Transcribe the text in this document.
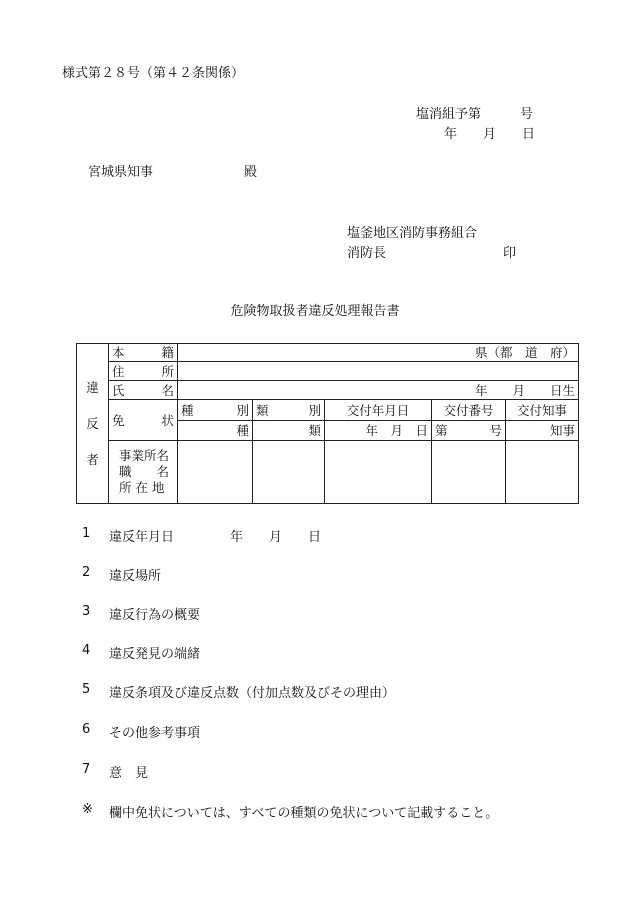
様式第２８号（第４２条関係）
塩消組予第　　　号
年　　月　　日
宮城県知事　　　　　　　殿
塩釜地区消防事務組合
消防長　　　　　　　　　印
危険物取扱者違反処理報告書
違
反
者	本籍	県（都　道　府）				
	住所					
	氏名	年　　月　　日生				
	免状	種別	類別	交付年月日	交付番号	交付知事
		種	類	年　月　日	第　　号	知事

	事業所名
職　　名
所 在 地					

1	違反年月日	年　　月　　日
2	違反場所
3	違反行為の概要
4	違反発見の端緒
5	違反条項及び違反点数（付加点数及びその理由）
6	その他参考事項
7	意　見
※ 欄中免状については、すべての種類の免状について記載すること。
